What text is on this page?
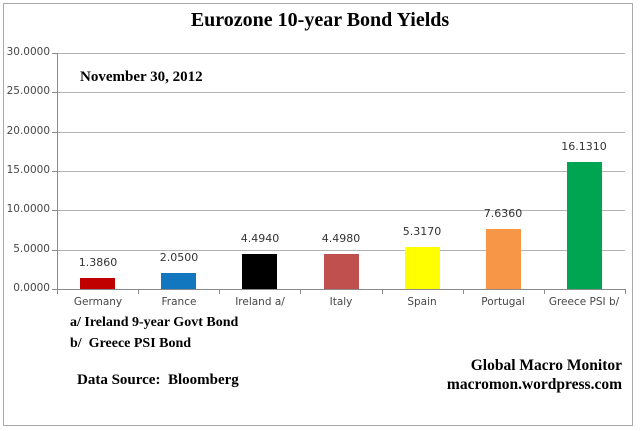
Eurozone 10-year Bond Yields
November 30, 2012
0.0000
5.0000
10.0000
15.0000
20.0000
25.0000
30.0000
1.3860
Germany
2.0500
France
4.4940
Ireland a/
4.4980
Italy
5.3170
Spain
7.6360
Portugal
16.1310
Greece PSI b/
a/ Ireland 9-year Govt Bond
b/  Greece PSI Bond
Data Source:  Bloomberg
Global Macro Monitor
macromon.wordpress.com
